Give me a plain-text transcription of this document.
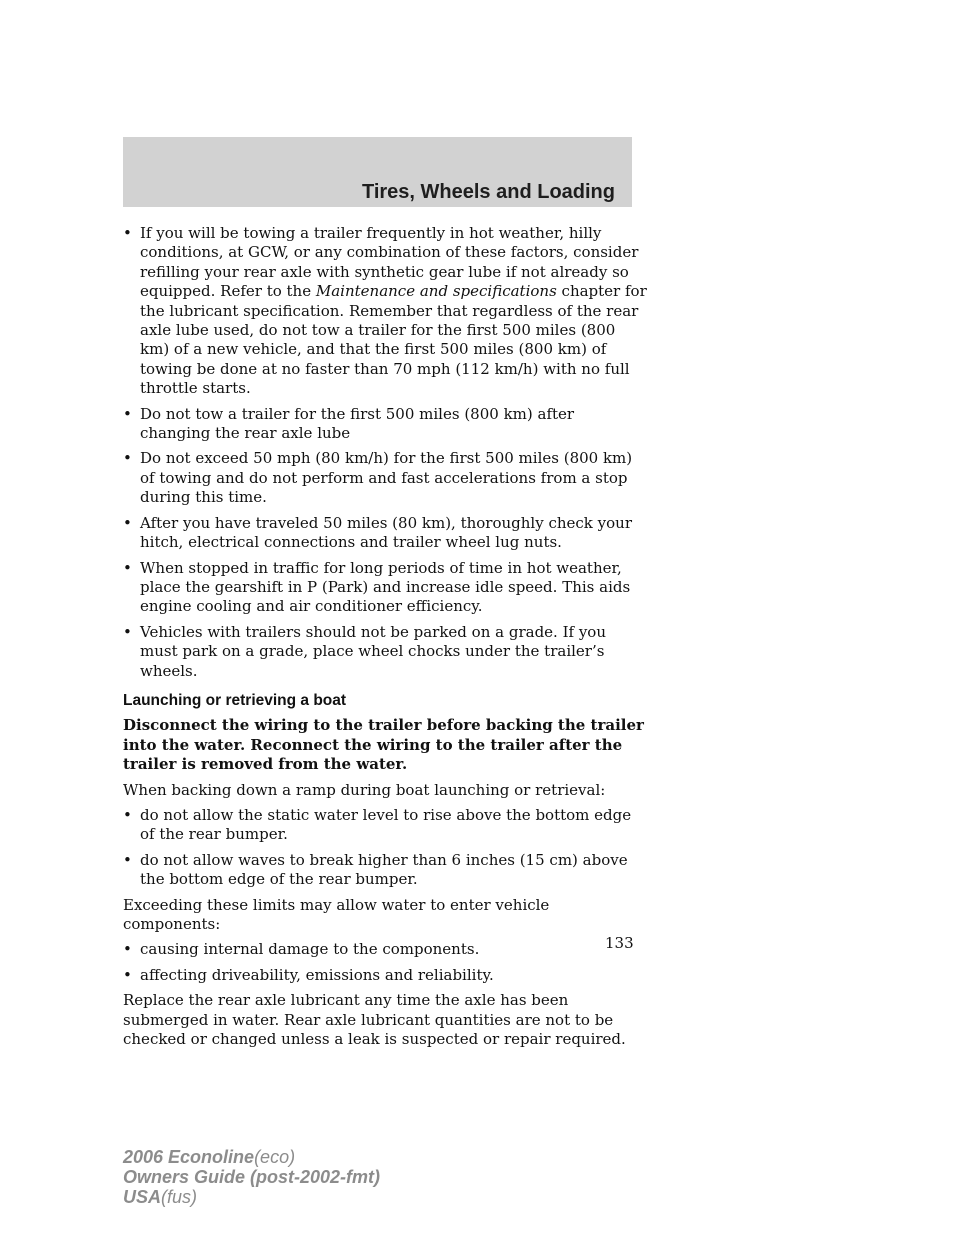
Tires, Wheels and Loading
• If you will be towing a trailer frequently in hot weather, hilly conditions, at GCW, or any combination of these factors, consider refilling your rear axle with synthetic gear lube if not already so equipped. Refer to the Maintenance and specifications chapter for the lubricant specification. Remember that regardless of the rear axle lube used, do not tow a trailer for the first 500 miles (800 km) of a new vehicle, and that the first 500 miles (800 km) of towing be done at no faster than 70 mph (112 km/h) with no full throttle starts.
• Do not tow a trailer for the first 500 miles (800 km) after changing the rear axle lube
• Do not exceed 50 mph (80 km/h) for the first 500 miles (800 km) of towing and do not perform and fast accelerations from a stop during this time.
• After you have traveled 50 miles (80 km), thoroughly check your hitch, electrical connections and trailer wheel lug nuts.
• When stopped in traffic for long periods of time in hot weather, place the gearshift in P (Park) and increase idle speed. This aids engine cooling and air conditioner efficiency.
• Vehicles with trailers should not be parked on a grade. If you must park on a grade, place wheel chocks under the trailer’s wheels.
Launching or retrieving a boat
Disconnect the wiring to the trailer before backing the trailer into the water. Reconnect the wiring to the trailer after the trailer is removed from the water.
When backing down a ramp during boat launching or retrieval:
• do not allow the static water level to rise above the bottom edge of the rear bumper.
• do not allow waves to break higher than 6 inches (15 cm) above the bottom edge of the rear bumper.
Exceeding these limits may allow water to enter vehicle components:
• causing internal damage to the components.
• affecting driveability, emissions and reliability.
Replace the rear axle lubricant any time the axle has been submerged in water. Rear axle lubricant quantities are not to be checked or changed unless a leak is suspected or repair required.
133
2006 Econoline(eco)
Owners Guide (post-2002-fmt)
USA(fus)
